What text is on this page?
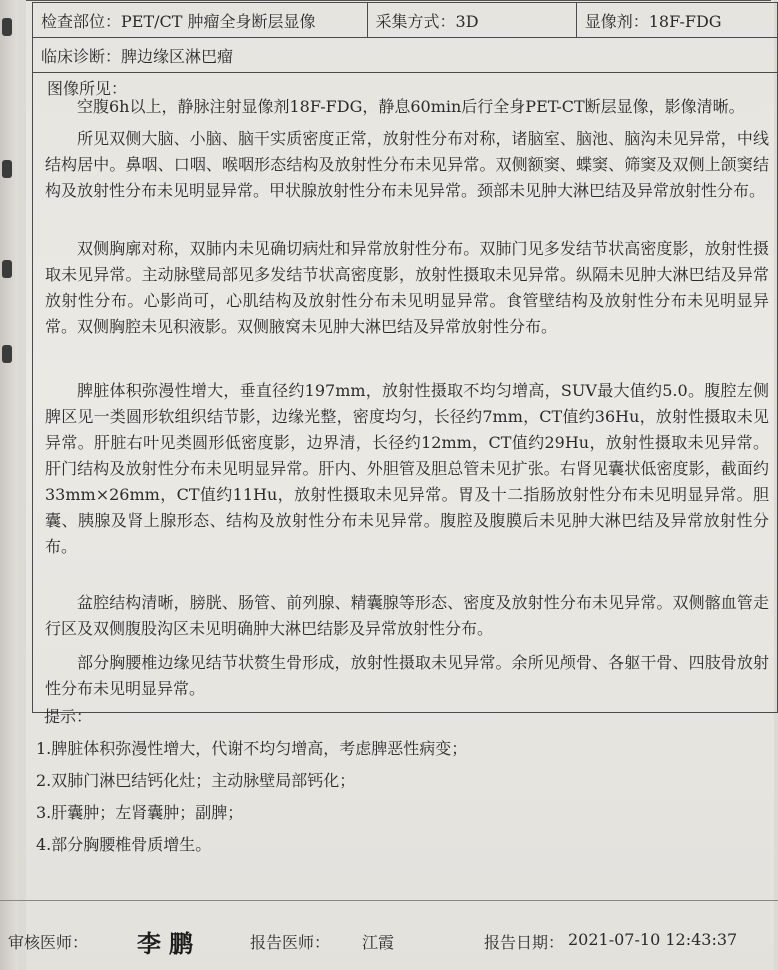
检查部位：PET/CT 肿瘤全身断层显像	采集方式：3D	显像剂：18F-FDG
临床诊断：脾边缘区淋巴瘤
图像所见：

空腹6h以上，静脉注射显像剂18F-FDG，静息60min后行全身PET-CT断层显像，影像清晰。

所见双侧大脑、小脑、脑干实质密度正常，放射性分布对称，诸脑室、脑池、脑沟未见异常，中线结构居中。鼻咽、口咽、喉咽形态结构及放射性分布未见异常。双侧额窦、蝶窦、筛窦及双侧上颌窦结构及放射性分布未见明显异常。甲状腺放射性分布未见异常。颈部未见肿大淋巴结及异常放射性分布。

双侧胸廓对称，双肺内未见确切病灶和异常放射性分布。双肺门见多发结节状高密度影，放射性摄取未见异常。主动脉壁局部见多发结节状高密度影，放射性摄取未见异常。纵隔未见肿大淋巴结及异常放射性分布。心影尚可，心肌结构及放射性分布未见明显异常。食管壁结构及放射性分布未见明显异常。双侧胸腔未见积液影。双侧腋窝未见肿大淋巴结及异常放射性分布。

脾脏体积弥漫性增大，垂直径约197mm，放射性摄取不均匀增高，SUV最大值约5.0。腹腔左侧脾区见一类圆形软组织结节影，边缘光整，密度均匀，长径约7mm，CT值约36Hu，放射性摄取未见异常。肝脏右叶见类圆形低密度影，边界清，长径约12mm，CT值约29Hu，放射性摄取未见异常。肝门结构及放射性分布未见明显异常。肝内、外胆管及胆总管未见扩张。右肾见囊状低密度影，截面约33mm×26mm，CT值约11Hu，放射性摄取未见异常。胃及十二指肠放射性分布未见明显异常。胆囊、胰腺及肾上腺形态、结构及放射性分布未见异常。腹腔及腹膜后未见肿大淋巴结及异常放射性分布。

盆腔结构清晰，膀胱、肠管、前列腺、精囊腺等形态、密度及放射性分布未见异常。双侧髂血管走行区及双侧腹股沟区未见明确肿大淋巴结影及异常放射性分布。

部分胸腰椎边缘见结节状赘生骨形成，放射性摄取未见异常。余所见颅骨、各躯干骨、四肢骨放射性分布未见明显异常。

提示：
1.脾脏体积弥漫性增大，代谢不均匀增高，考虑脾恶性病变；
2.双肺门淋巴结钙化灶；主动脉壁局部钙化；
3.肝囊肿；左肾囊肿；副脾；
4.部分胸腰椎骨质增生。
审核医师： 李鹏	报告医师： 江霞	报告日期： 2021-07-10 12:43:37
